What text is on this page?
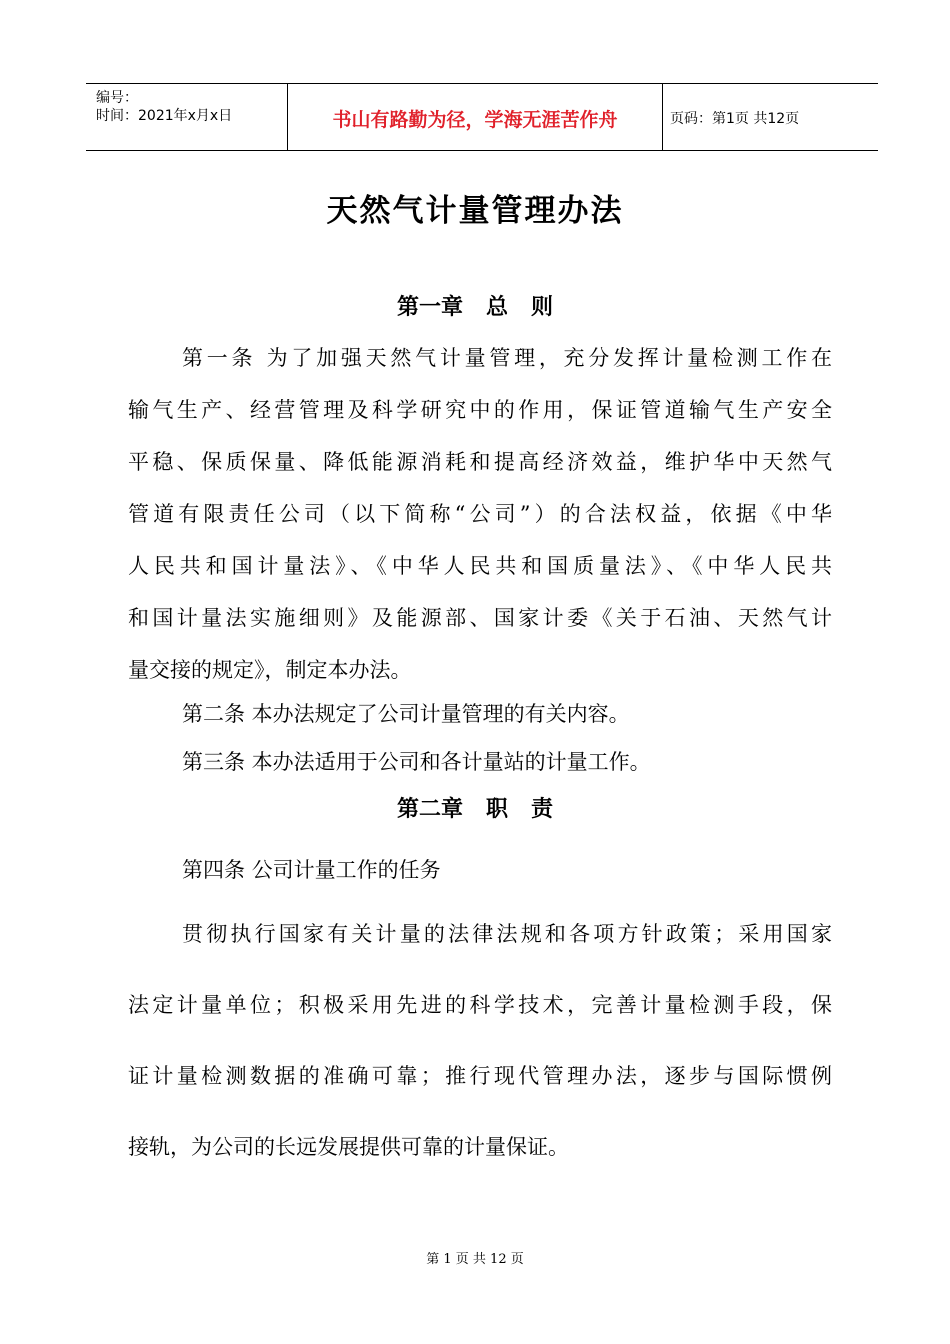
编号：
时间：2021年x月x日	书山有路勤为径，学海无涯苦作舟	页码：第1页 共12页
天然气计量管理办法
第一章   总   则
第一条 为了加强天然气计量管理，充分发挥计量检测工作在
输气生产、经营管理及科学研究中的作用，保证管道输气生产安全
平稳、保质保量、降低能源消耗和提高经济效益，维护华中天然气
管道有限责任公司（以下简称“公司”）的合法权益，依据《中华
人民共和国计量法》、《中华人民共和国质量法》、《中华人民共
和国计量法实施细则》及能源部、国家计委《关于石油、天然气计
量交接的规定》，制定本办法。
第二条 本办法规定了公司计量管理的有关内容。
第三条 本办法适用于公司和各计量站的计量工作。
第二章   职   责
第四条 公司计量工作的任务
贯彻执行国家有关计量的法律法规和各项方针政策；采用国家
法定计量单位；积极采用先进的科学技术，完善计量检测手段，保
证计量检测数据的准确可靠；推行现代管理办法，逐步与国际惯例
接轨，为公司的长远发展提供可靠的计量保证。
第 1 页 共 12 页
